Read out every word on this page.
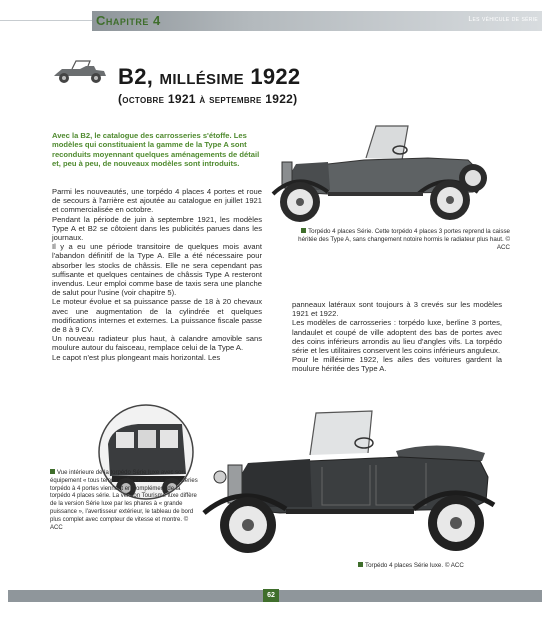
Chapitre 4	Les véhicule de série
B2, millésime 1922
(octobre 1921 à septembre 1922)
Avec la B2, le catalogue des carrosseries s'étoffe. Les modèles qui constituaient la gamme de la Type A sont reconduits moyennant quelques aménagements de détail et, peu à peu, de nouveaux modèles sont introduits.

Parmi les nouveautés, une torpédo 4 places 4 portes et roue de secours à l'arrière est ajoutée au catalogue en juillet 1921 et commercialisée en octobre.

Pendant la période de juin à septembre 1921, les modèles Type A et B2 se côtoient dans les publicités parues dans les journaux.

Il y a eu une période transitoire de quelques mois avant l'abandon définitif de la Type A. Elle a été nécessaire pour absorber les stocks de châssis. Elle ne sera cependant pas suffisante et quelques centaines de châssis Type A resteront invendus. Leur emploi comme base de taxis sera une planche de salut pour l'usine (voir chapitre 5).

Le moteur évolue et sa puissance passe de 18 à 20 chevaux avec une augmentation de la cylindrée et quelques modifications internes et externes. La puissance fiscale passe de 8 à 9 CV.

Un nouveau radiateur plus haut, à calandre amovible sans moulure autour du faisceau, remplace celui de la Type A.

Le capot n'est plus plongeant mais horizontal. Les

Torpédo 4 places Série. Cette torpédo 4 places 3 portes reprend la caisse héritée des Type A, sans changement notoire hormis le radiateur plus haut. © ACC

panneaux latéraux sont toujours à 3 crevés sur les modèles 1921 et 1922.

Les modèles de carrosseries : torpédo luxe, berline 3 portes, landaulet et coupé de ville adoptent des bas de portes avec des coins inférieurs arrondis au lieu d'angles vifs. La torpédo série et les utilitaires conservent les coins inférieurs anguleux.

Pour le millésime 1922, les ailes des voitures gardent la moulure héritée des Type A.

Vue intérieure de la torpédo Série luxe avec son équipement « tous temps ». Ces nouvelles carrosseries torpédo à 4 portes viennent en complément de la torpédo 4 places série. La version Tourisme luxe diffère de la version Série luxe par les phares à « grande puissance », l'avertisseur extérieur, le tableau de bord plus complet avec compteur de vitesse et montre. © ACC
Torpédo 4 places Série luxe. © ACC
62
